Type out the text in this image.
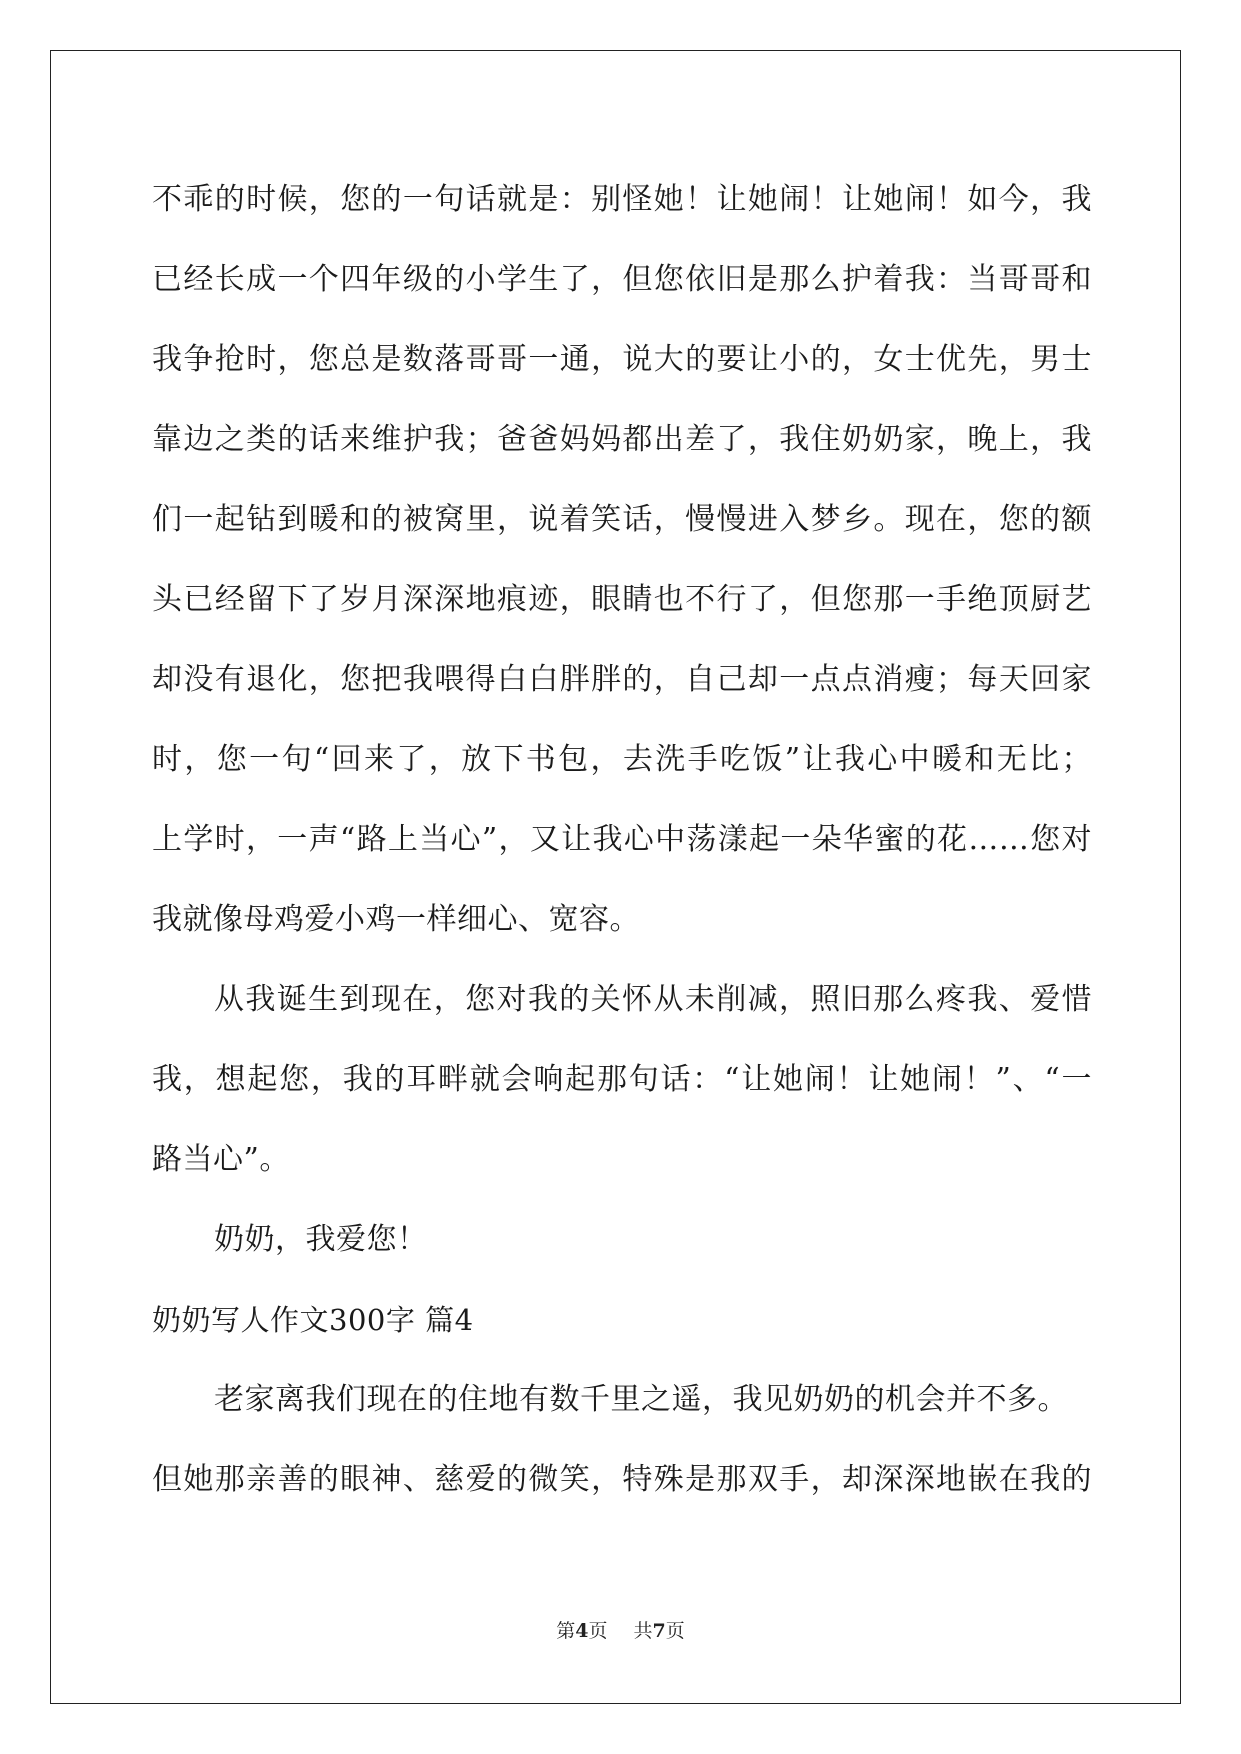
不乖的时候，您的一句话就是：别怪她！让她闹！让她闹！如今，我
已经长成一个四年级的小学生了，但您依旧是那么护着我：当哥哥和
我争抢时，您总是数落哥哥一通，说大的要让小的，女士优先，男士
靠边之类的话来维护我；爸爸妈妈都出差了，我住奶奶家，晚上，我
们一起钻到暖和的被窝里，说着笑话，慢慢进入梦乡。现在，您的额
头已经留下了岁月深深地痕迹，眼睛也不行了，但您那一手绝顶厨艺
却没有退化，您把我喂得白白胖胖的，自己却一点点消瘦；每天回家
时，您一句“回来了，放下书包，去洗手吃饭”让我心中暖和无比；
上学时，一声“路上当心”，又让我心中荡漾起一朵华蜜的花……您对
我就像母鸡爱小鸡一样细心、宽容。
从我诞生到现在，您对我的关怀从未削减，照旧那么疼我、爱惜
我，想起您，我的耳畔就会响起那句话：“让她闹！让她闹！”、“一
路当心”。
奶奶，我爱您！
奶奶写人作文300字 篇4
老家离我们现在的住地有数千里之遥，我见奶奶的机会并不多。
但她那亲善的眼神、慈爱的微笑，特殊是那双手，却深深地嵌在我的
第4页 共7页
